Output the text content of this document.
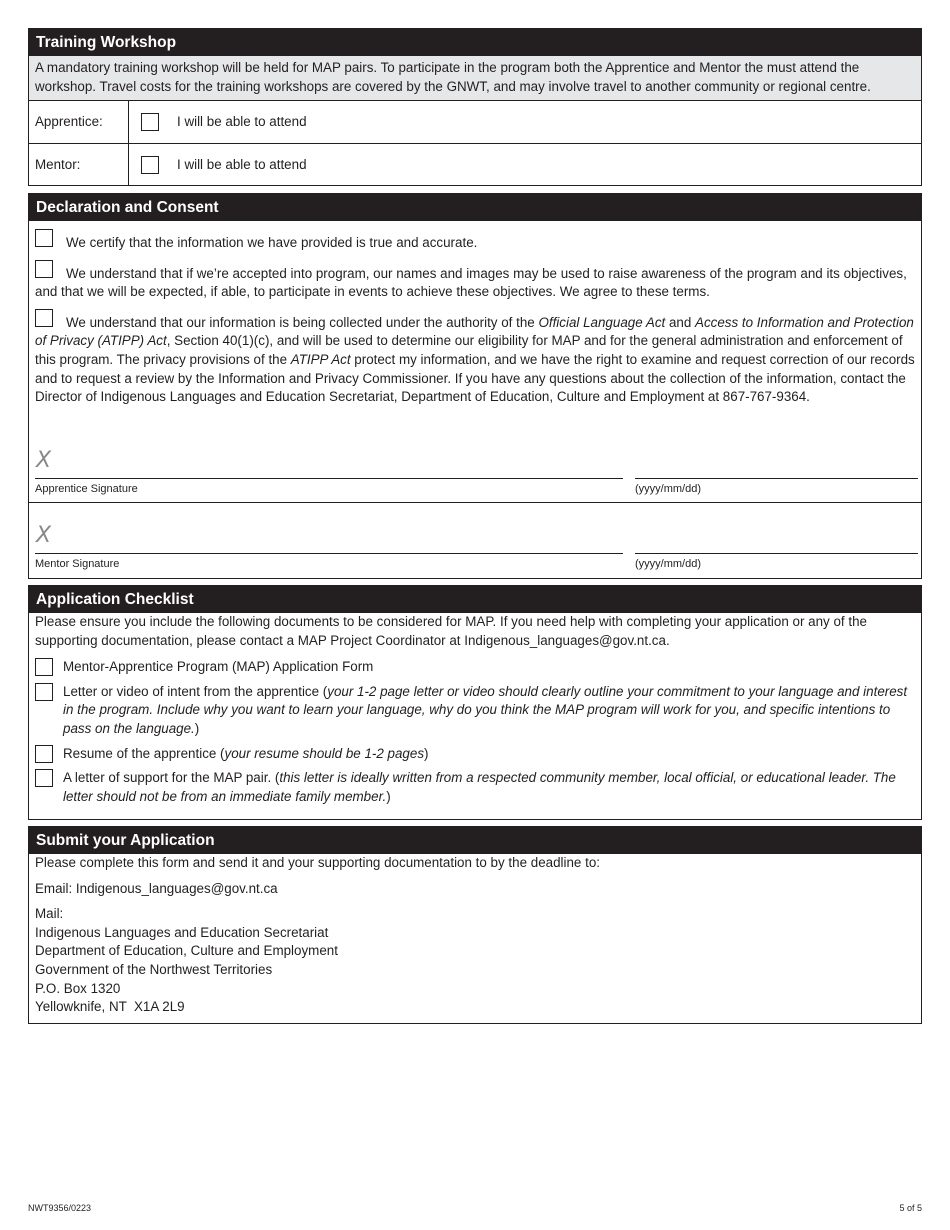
Training Workshop
A mandatory training workshop will be held for MAP pairs. To participate in the program both the Apprentice and Mentor the must attend the workshop. Travel costs for the training workshops are covered by the GNWT, and may involve travel to another community or regional centre.
Apprentice:	I will be able to attend
Mentor:	I will be able to attend
Declaration and Consent
We certify that the information we have provided is true and accurate.
We understand that if we’re accepted into program, our names and images may be used to raise awareness of the program and its objectives, and that we will be expected, if able, to participate in events to achieve these objectives. We agree to these terms.
We understand that our information is being collected under the authority of the Official Language Act and Access to Information and Protection of Privacy (ATIPP) Act, Section 40(1)(c), and will be used to determine our eligibility for MAP and for the general administration and enforcement of this program. The privacy provisions of the ATIPP Act protect my information, and we have the right to examine and request correction of our records and to request a review by the Information and Privacy Commissioner. If you have any questions about the collection of the information, contact the Director of Indigenous Languages and Education Secretariat, Department of Education, Culture and Employment at 867-767-9364.
X
Apprentice Signature	(yyyy/mm/dd)
X
Mentor Signature	(yyyy/mm/dd)
Application Checklist
Please ensure you include the following documents to be considered for MAP. If you need help with completing your application or any of the supporting documentation, please contact a MAP Project Coordinator at Indigenous_languages@gov.nt.ca.
Mentor-Apprentice Program (MAP) Application Form
Letter or video of intent from the apprentice (your 1-2 page letter or video should clearly outline your commitment to your language and interest in the program. Include why you want to learn your language, why do you think the MAP program will work for you, and specific intentions to pass on the language.)
Resume of the apprentice (your resume should be 1-2 pages)
A letter of support for the MAP pair. (this letter is ideally written from a respected community member, local official, or educational leader. The letter should not be from an immediate family member.)
Submit your Application
Please complete this form and send it and your supporting documentation to by the deadline to:
Email: Indigenous_languages@gov.nt.ca
Mail:
Indigenous Languages and Education Secretariat
Department of Education, Culture and Employment
Government of the Northwest Territories
P.O. Box 1320
Yellowknife, NT  X1A 2L9
NWT9356/0223	5 of 5
